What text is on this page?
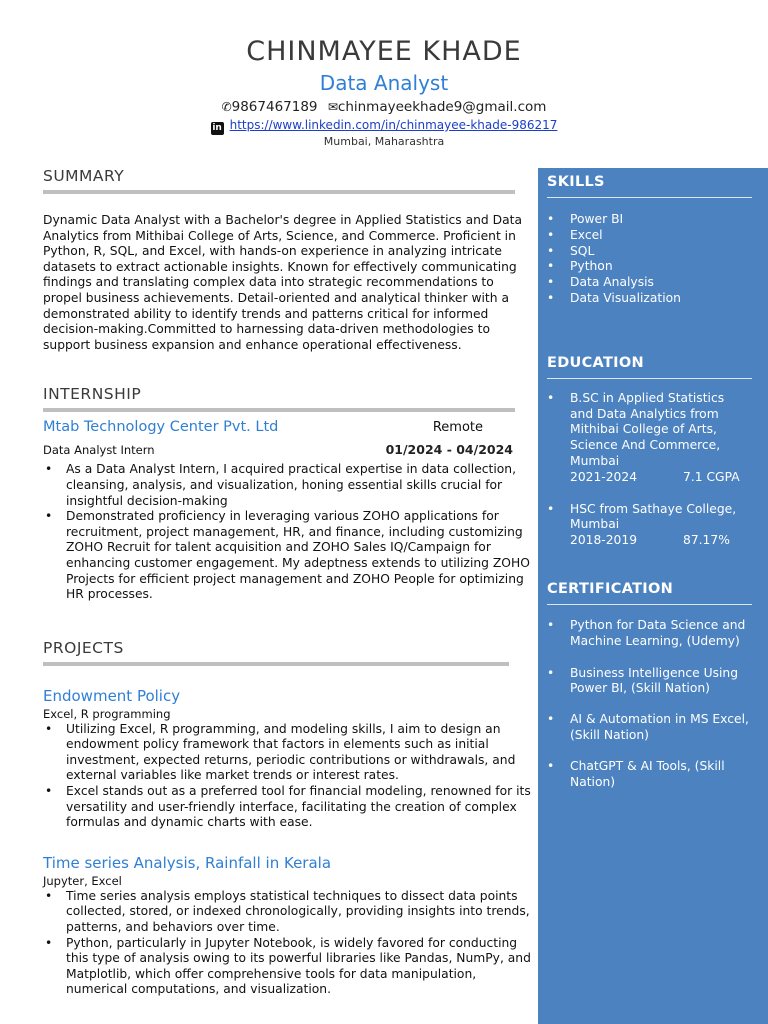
CHINMAYEE KHADE
Data Analyst
✆9867467189 ✉chinmayeekhade9@gmail.com
in https://www.linkedin.com/in/chinmayee-khade-986217
Mumbai, Maharashtra
SUMMARY

Dynamic Data Analyst with a Bachelor's degree in Applied Statistics and Data Analytics from Mithibai College of Arts, Science, and Commerce. Proficient in Python, R, SQL, and Excel, with hands-on experience in analyzing intricate datasets to extract actionable insights. Known for effectively communicating findings and translating complex data into strategic recommendations to propel business achievements. Detail-oriented and analytical thinker with a demonstrated ability to identify trends and patterns critical for informed decision-making.Committed to harnessing data-driven methodologies to support business expansion and enhance operational effectiveness.

INTERNSHIP
Mtab Technology Center Pvt. Ltd	Remote
Data Analyst Intern	01/2024 - 04/2024
• As a Data Analyst Intern, I acquired practical expertise in data collection, cleansing, analysis, and visualization, honing essential skills crucial for insightful decision-making
• Demonstrated proficiency in leveraging various ZOHO applications for recruitment, project management, HR, and finance, including customizing ZOHO Recruit for talent acquisition and ZOHO Sales IQ/Campaign for enhancing customer engagement. My adeptness extends to utilizing ZOHO Projects for efficient project management and ZOHO People for optimizing HR processes.
PROJECTS
Endowment Policy
Excel, R programming
• Utilizing Excel, R programming, and modeling skills, I aim to design an endowment policy framework that factors in elements such as initial investment, expected returns, periodic contributions or withdrawals, and external variables like market trends or interest rates.
• Excel stands out as a preferred tool for financial modeling, renowned for its versatility and user-friendly interface, facilitating the creation of complex formulas and dynamic charts with ease.
Time series Analysis, Rainfall in Kerala
Jupyter, Excel
• Time series analysis employs statistical techniques to dissect data points collected, stored, or indexed chronologically, providing insights into trends, patterns, and behaviors over time.
• Python, particularly in Jupyter Notebook, is widely favored for conducting this type of analysis owing to its powerful libraries like Pandas, NumPy, and Matplotlib, which offer comprehensive tools for data manipulation, numerical computations, and visualization.
SKILLS
• Power BI
• Excel
• SQL
• Python
• Data Analysis
• Data Visualization
EDUCATION
• B.SC in Applied Statistics and Data Analytics from Mithibai College of Arts, Science And Commerce, Mumbai
2021-2024	7.1 CGPA
• HSC from Sathaye College, Mumbai
2018-2019	87.17%
CERTIFICATION
• Python for Data Science and Machine Learning, (Udemy)
• Business Intelligence Using Power BI, (Skill Nation)
• AI & Automation in MS Excel, (Skill Nation)
• ChatGPT & AI Tools, (Skill Nation)
